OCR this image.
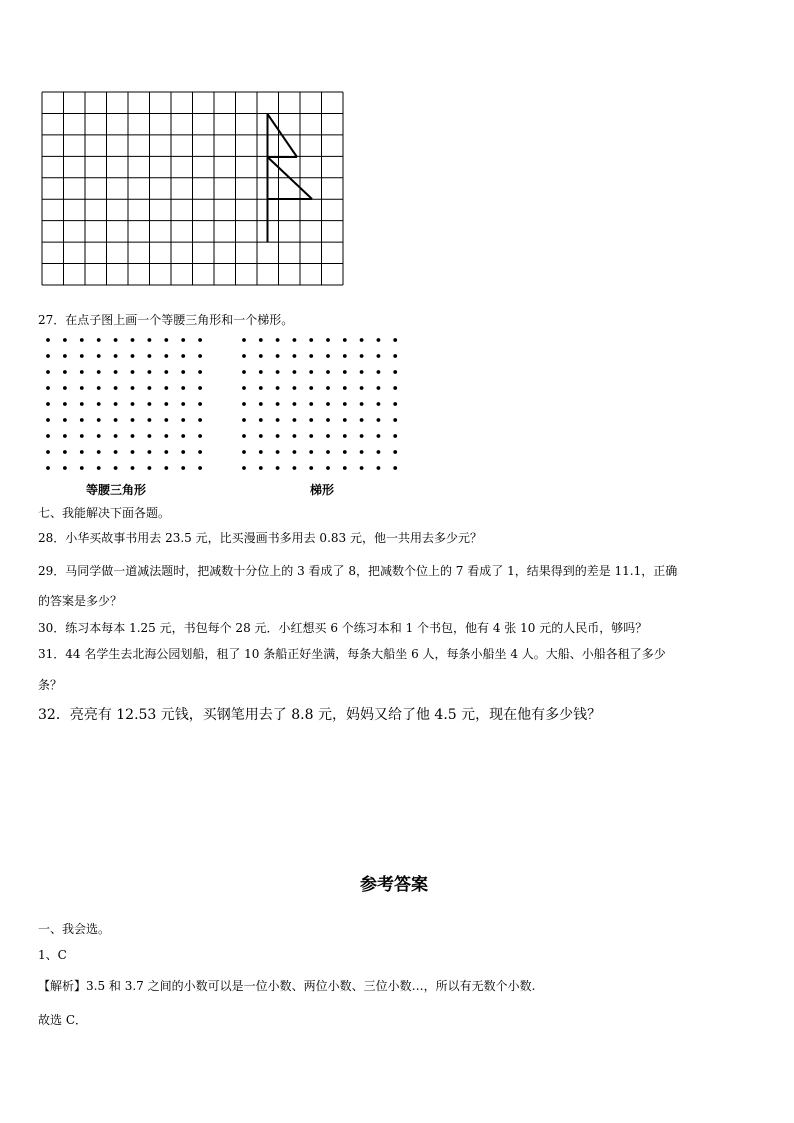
27．在点子图上画一个等腰三角形和一个梯形。
等腰三角形	梯形
七、我能解决下面各题。
28．小华买故事书用去 23.5 元，比买漫画书多用去 0.83 元，他一共用去多少元？
29．马同学做一道减法题时，把减数十分位上的 3 看成了 8，把减数个位上的 7 看成了 1，结果得到的差是 11.1，正确
的答案是多少？
30．练习本每本 1.25 元，书包每个 28 元．小红想买 6 个练习本和 1 个书包，他有 4 张 10 元的人民币，够吗？
31．44 名学生去北海公园划船，租了 10 条船正好坐满，每条大船坐 6 人，每条小船坐 4 人。大船、小船各租了多少
条？
32．亮亮有 12.53 元钱，买钢笔用去了 8.8 元，妈妈又给了他 4.5 元，现在他有多少钱？
参考答案
一、我会选。
1、C
【解析】3.5 和 3.7 之间的小数可以是一位小数、两位小数、三位小数…，所以有无数个小数.
故选 C．
